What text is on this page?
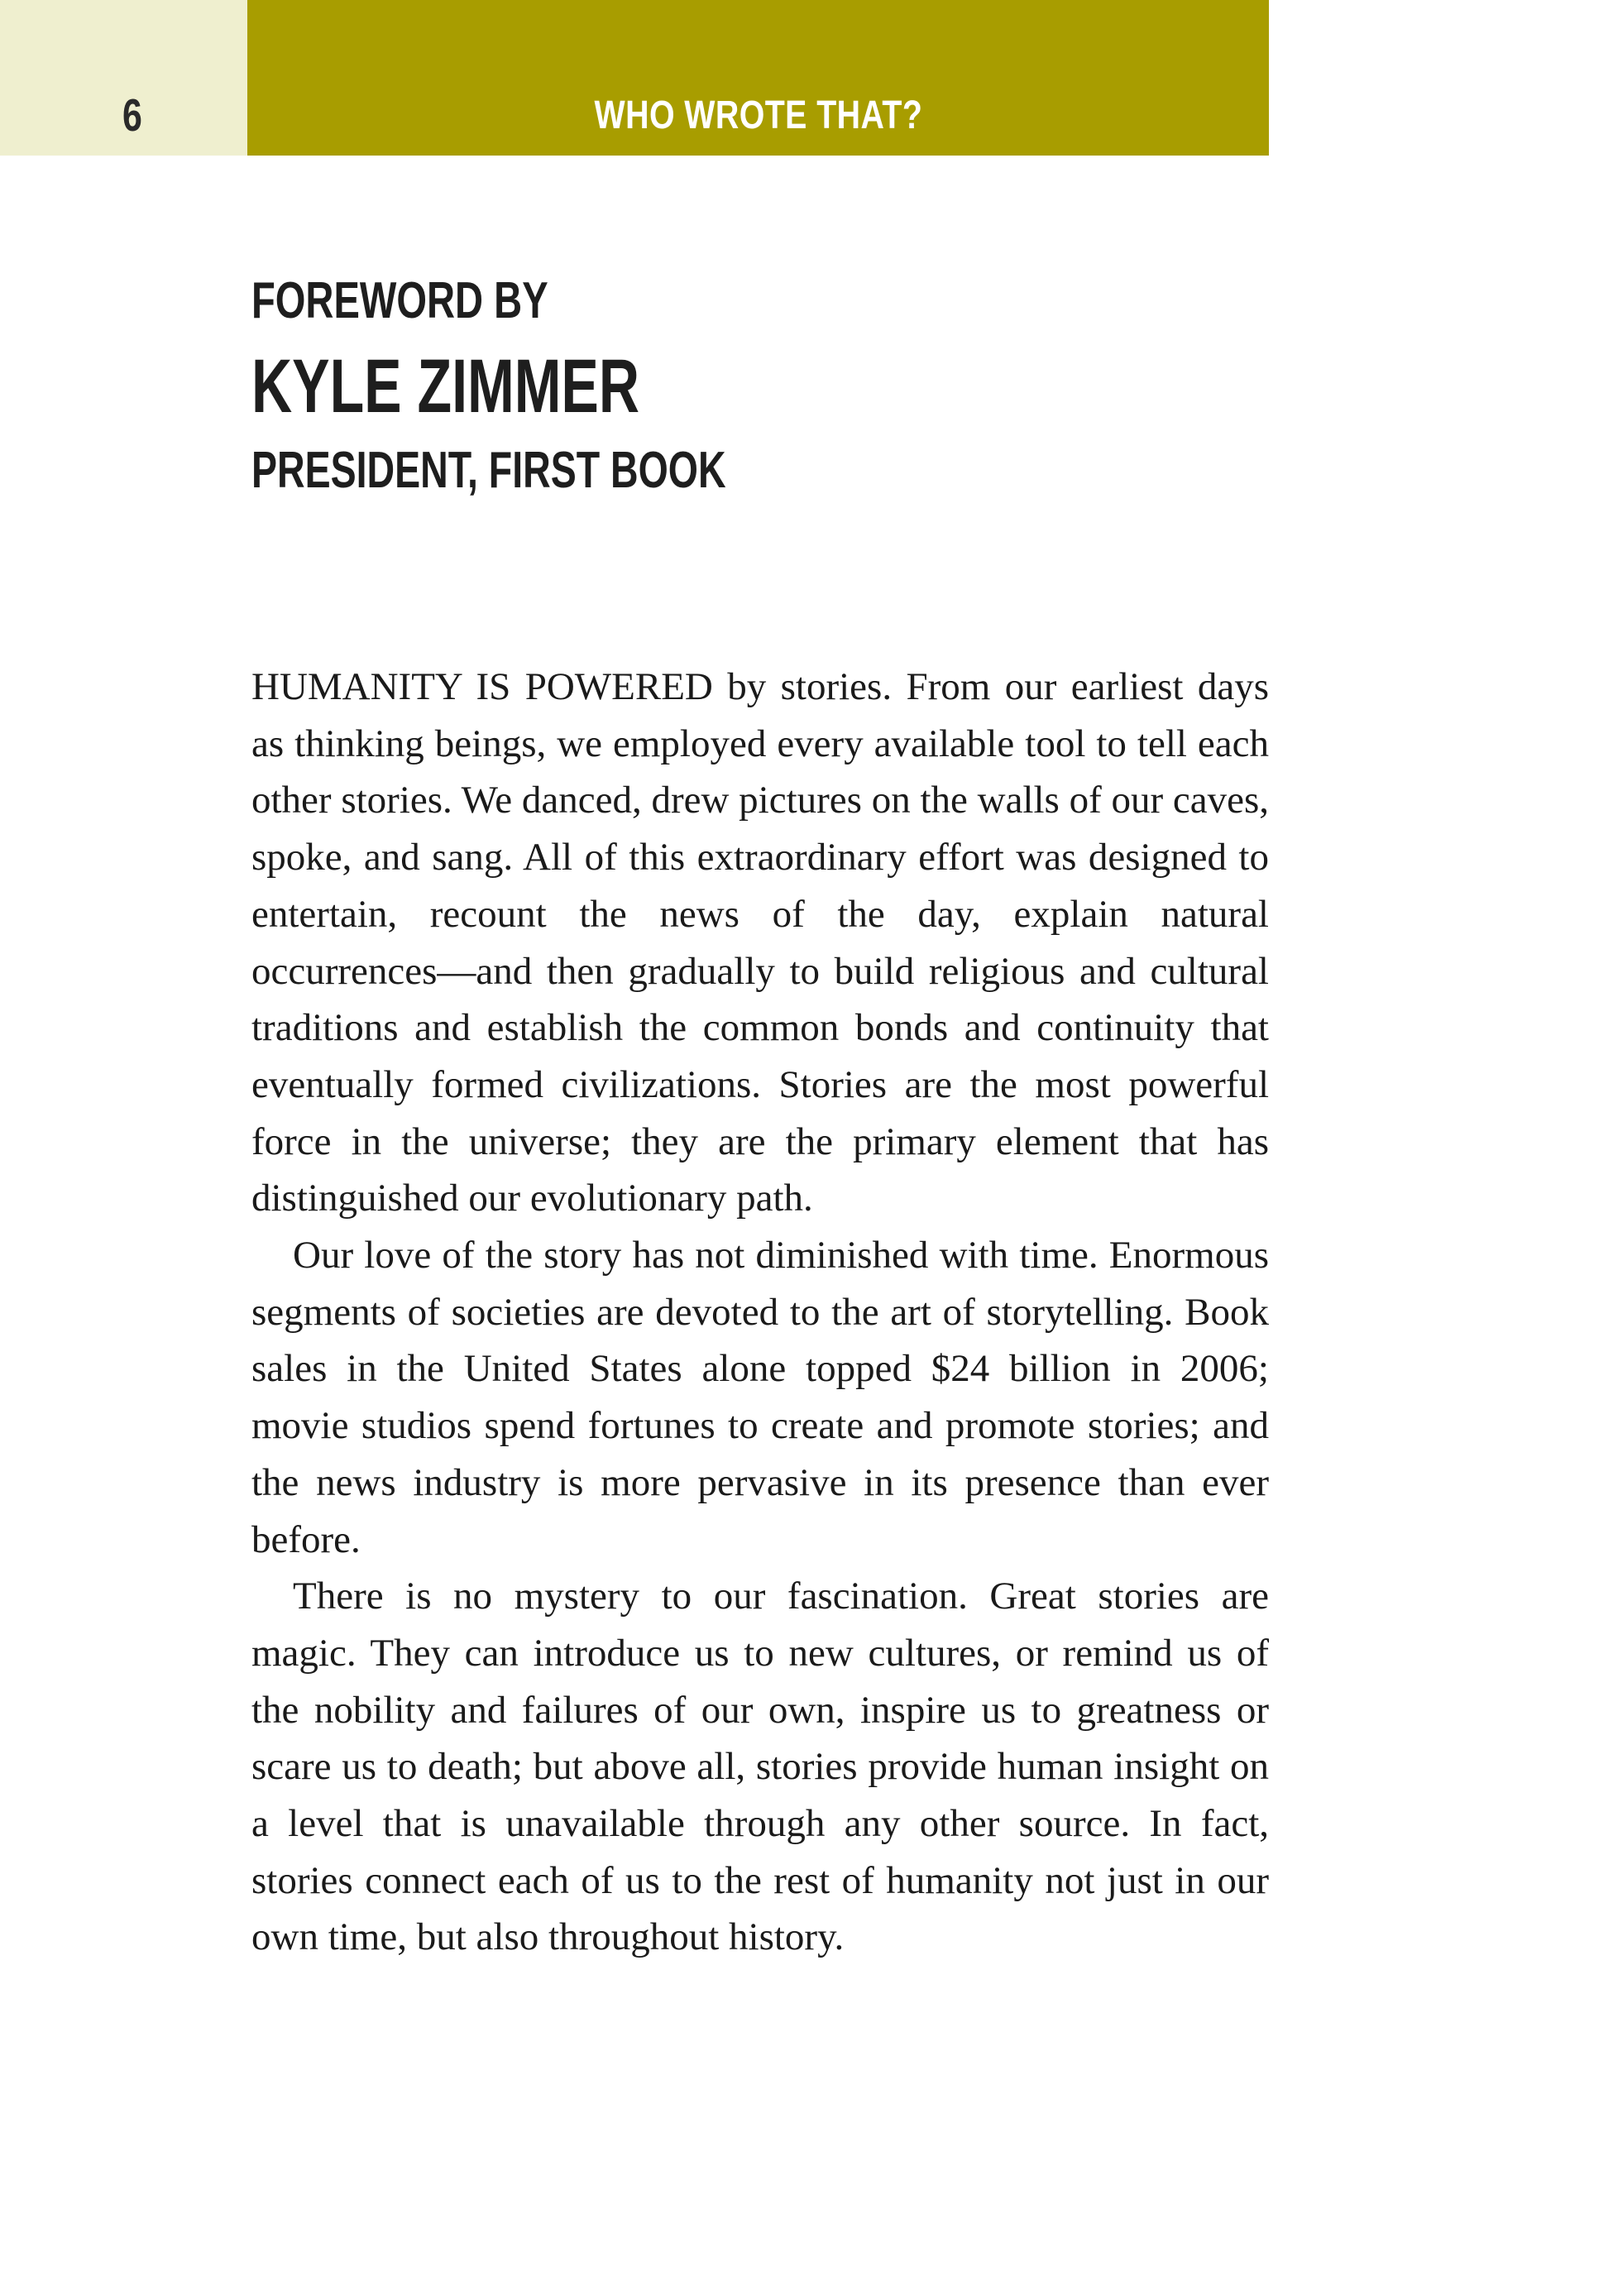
6	WHO WROTE THAT?
FOREWORD BY
KYLE ZIMMER
PRESIDENT, FIRST BOOK

HUMANITY IS POWERED by stories. From our earliest days as thinking beings, we employed every available tool to tell each other stories. We danced, drew pictures on the walls of our caves, spoke, and sang. All of this extraordinary effort was designed to entertain, recount the news of the day, explain natural occurrences—and then gradually to build religious and cultural traditions and establish the common bonds and continuity that eventually formed civilizations. Stories are the most powerful force in the universe; they are the primary element that has distinguished our evolutionary path.

Our love of the story has not diminished with time. Enormous segments of societies are devoted to the art of storytelling. Book sales in the United States alone topped $24 billion in 2006; movie studios spend fortunes to create and promote stories; and the news industry is more pervasive in its presence than ever before.

There is no mystery to our fascination. Great stories are magic. They can introduce us to new cultures, or remind us of the nobility and failures of our own, inspire us to greatness or scare us to death; but above all, stories provide human insight on a level that is unavailable through any other source. In fact, stories connect each of us to the rest of humanity not just in our own time, but also throughout history.
